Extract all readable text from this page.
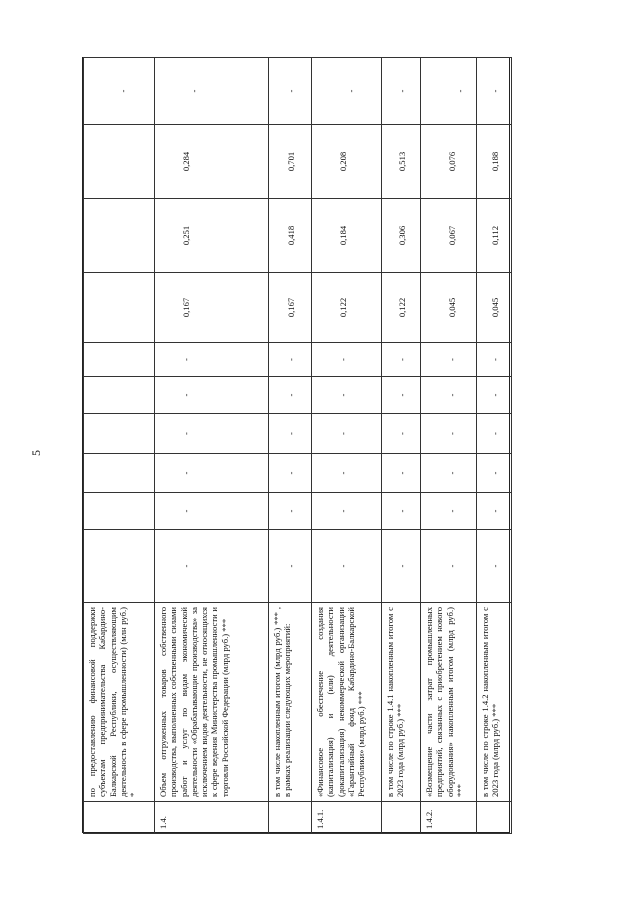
5
	по предоставлению финансовой поддержки субъектам предпринимательства Кабардино-Балкарской Республики, осуществляющим деятельность в сфере промышленности) (млн руб.) *										-
1.4.	Объем отгруженных товаров собственного производства, выполненных собственными силами работ и услуг по видам экономической деятельности «Обрабатывающие производства» за исключением видов деятельности, не относящихся к сфере ведения Министерства промышленности и торговли Российской Федерации (млрд руб.) ***	-	-	-	-	-	-	0,167	0,251	0,284	-
	в том числе накопленным итогом (млрд руб.) *** , в рамках реализации следующих мероприятий:	-	-	-	-	-	-	0,167	0,418	0,701	-
1.4.1.	«Финансовое обеспечение создания (капитализация) и (или) деятельности (докапитализация) некоммерческой организации «Гарантийный фонд Кабардино-Балкарской Республики» (млрд руб.) ***	-	-	-	-	-	-	0,122	0,184	0,208	-
	в том числе по строке 1.4.1 накопленным итогом с 2023 года (млрд руб.) ***	-	-	-	-	-	-	0,122	0,306	0,513	-
1.4.2.	«Возмещение части затрат промышленных предприятий, связанных с приобретением нового оборудования» накопленным итогом (млрд руб.) ***	-	-	-	-	-	-	0,045	0,067	0,076	-
	в том числе по строке 1.4.2 накопленным итогом с 2023 года (млрд руб.) ***	-	-	-	-	-	-	0,045	0,112	0,188	-
